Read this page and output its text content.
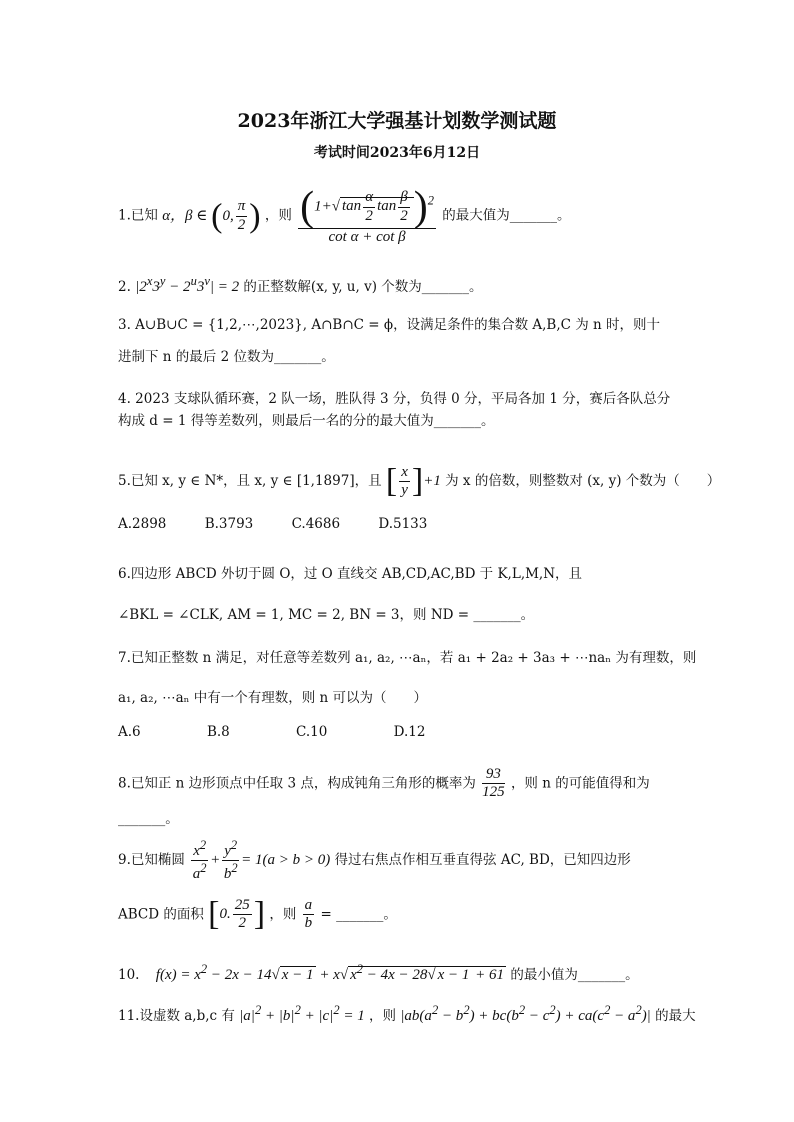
2023年浙江大学强基计划数学测试题
考试时间2023年6月12日
1.已知 α，β ∈ (0, $\frac{\pi}{2}$ ) ，则 $\frac{(1+√ \tan \frac{\alpha}{2} \tan \frac{\beta}{2} )^2}{\text{cot α + cot β}}$ 的最大值为_______。
2. $|2^x3^y - 2^u3^v| = 2$ 的正整数解(x, y, u, v) 个数为_______。
3. A∪B∪C = {1,2,⋯,2023}, A∩B∩C = ϕ，设满足条件的集合数 A,B,C 为 n 时，则十
进制下 n 的最后 2 位数为_______。
4. 2023 支球队循环赛，2 队一场，胜队得 3 分，负得 0 分，平局各加 1 分，赛后各队总分
构成 d = 1 得等差数列，则最后一名的分的最大值为_______。
5.已知 x, y ∈ N*，且 x, y ∈ [1,1897]，且 [ $\frac{x}{y} ]+1$ 为 x 的倍数，则整数对 (x, y) 个数为（　　）
A.2898	B.3793	C.4686	D.5133
6.四边形 ABCD 外切于圆 O，过 O 直线交 AB,CD,AC,BD 于 K,L,M,N，且
∠BKL = ∠CLK, AM = 1, MC = 2, BN = 3，则 ND = _______。
7.已知正整数 n 满足，对任意等差数列 a₁, a₂, ⋯aₙ，若 a₁ + 2a₂ + 3a₃ + ⋯naₙ 为有理数，则
a₁, a₂, ⋯aₙ 中有一个有理数，则 n 可以为（　　）
A.6	B.8	C.10	D.12
8.已知正 n 边形顶点中任取 3 点，构成钝角三角形的概率为 $\frac{93}{125}$ ，则 n 的可能值得和为
_______。
9.已知椭圆 $\frac{x^2}{a^2} + \frac{y^2}{b^2} = 1(a > b > 0)$ 得过右焦点作相互垂直得弦 AC, BD，已知四边形
ABCD 的面积 [0. $\frac{25}{2}$ ] ，则 $\frac{a}{b}$ = _______。
10. $f(x) = x^2 - 2x - 14√$ x − 1 + x√ $x^2 - 4x - 28√$ x − 1 + 61 的最小值为_______。
11.设虚数 a,b,c 有 $|a|^2 + |b|^2 + |c|^2 = 1$ ，则 $|ab(a^2 - b^2) + bc(b^2 - c^2) + ca(c^2 - a^2)|$ 的最大
